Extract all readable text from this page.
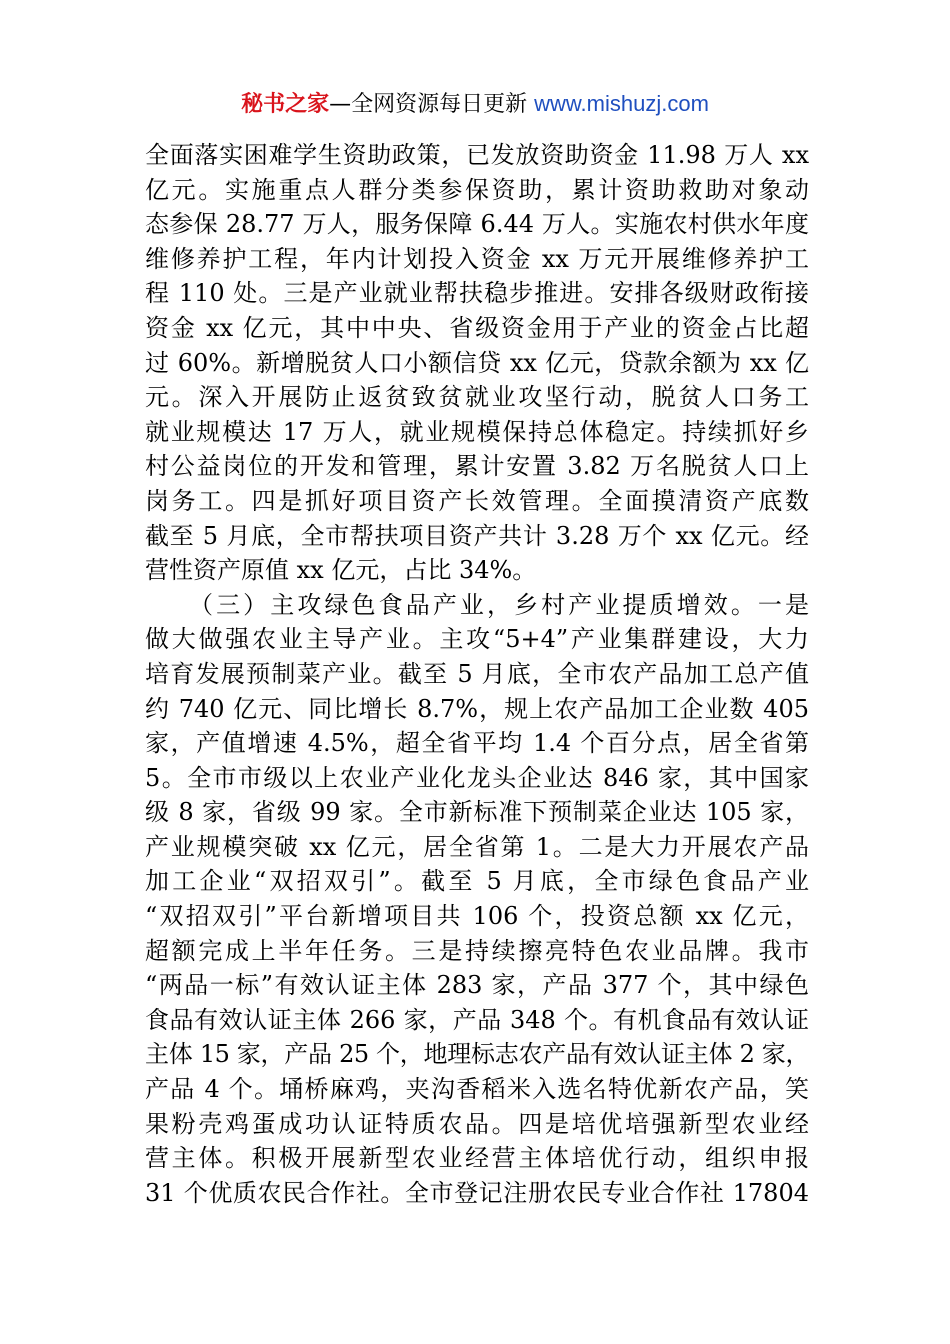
秘书之家—全网资源每日更新 www.mishuzj.com
全面落实困难学生资助政策，已发放资助资金 11.98 万人 xx
亿元。实施重点人群分类参保资助，累计资助救助对象动
态参保 28.77 万人，服务保障 6.44 万人。实施农村供水年度
维修养护工程，年内计划投入资金 xx 万元开展维修养护工
程 110 处。三是产业就业帮扶稳步推进。安排各级财政衔接
资金 xx 亿元，其中中央、省级资金用于产业的资金占比超
过 60%。新增脱贫人口小额信贷 xx 亿元，贷款余额为 xx 亿
元。深入开展防止返贫致贫就业攻坚行动，脱贫人口务工
就业规模达 17 万人，就业规模保持总体稳定。持续抓好乡
村公益岗位的开发和管理，累计安置 3.82 万名脱贫人口上
岗务工。四是抓好项目资产长效管理。全面摸清资产底数
截至 5 月底，全市帮扶项目资产共计 3.28 万个 xx 亿元。经
营性资产原值 xx 亿元，占比 34%。
（三）主攻绿色食品产业，乡村产业提质增效。一是
做大做强农业主导产业。主攻“5+4”产业集群建设，大力
培育发展预制菜产业。截至 5 月底，全市农产品加工总产值
约 740 亿元、同比增长 8.7%，规上农产品加工企业数 405
家，产值增速 4.5%，超全省平均 1.4 个百分点，居全省第
5。全市市级以上农业产业化龙头企业达 846 家，其中国家
级 8 家，省级 99 家。全市新标准下预制菜企业达 105 家，
产业规模突破 xx 亿元，居全省第 1。二是大力开展农产品
加工企业“双招双引”。截至 5 月底，全市绿色食品产业
“双招双引”平台新增项目共 106 个，投资总额 xx 亿元，
超额完成上半年任务。三是持续擦亮特色农业品牌。我市
“两品一标”有效认证主体 283 家，产品 377 个，其中绿色
食品有效认证主体 266 家，产品 348 个。有机食品有效认证
主体 15 家，产品 25 个，地理标志农产品有效认证主体 2 家，
产品 4 个。埇桥麻鸡，夹沟香稻米入选名特优新农产品，笑
果粉壳鸡蛋成功认证特质农品。四是培优培强新型农业经
营主体。积极开展新型农业经营主体培优行动，组织申报
31 个优质农民合作社。全市登记注册农民专业合作社 17804
